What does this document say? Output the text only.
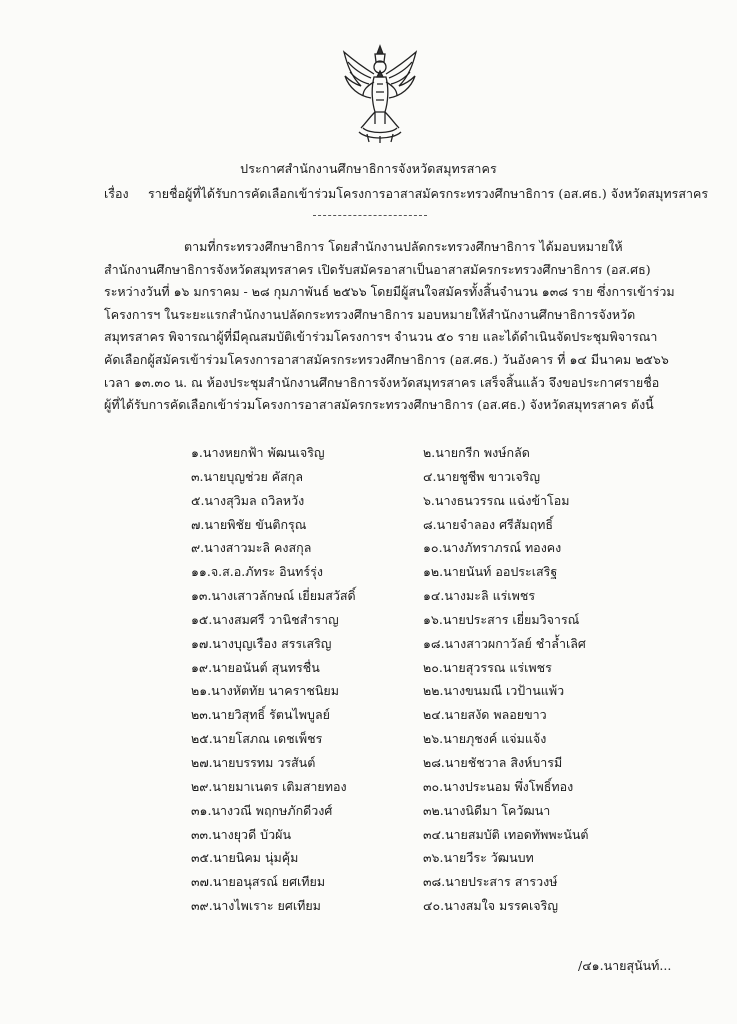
ประกาศสำนักงานศึกษาธิการจังหวัดสมุทรสาคร
เรื่อง รายชื่อผู้ที่ได้รับการคัดเลือกเข้าร่วมโครงการอาสาสมัครกระทรวงศึกษาธิการ (อส.ศธ.) จังหวัดสมุทรสาคร

ตามที่กระทรวงศึกษาธิการ โดยสำนักงานปลัดกระทรวงศึกษาธิการ ได้มอบหมายให้

สำนักงานศึกษาธิการจังหวัดสมุทรสาคร เปิดรับสมัครอาสาเป็นอาสาสมัครกระทรวงศึกษาธิการ (อส.ศธ)

ระหว่างวันที่ ๑๖ มกราคม - ๒๘ กุมภาพันธ์ ๒๕๖๖ โดยมีผู้สนใจสมัครทั้งสิ้นจำนวน ๑๓๘ ราย ซึ่งการเข้าร่วม

โครงการฯ ในระยะแรกสำนักงานปลัดกระทรวงศึกษาธิการ มอบหมายให้สำนักงานศึกษาธิการจังหวัด

สมุทรสาคร พิจารณาผู้ที่มีคุณสมบัติเข้าร่วมโครงการฯ จำนวน ๕๐ ราย และได้ดำเนินจัดประชุมพิจารณา

คัดเลือกผู้สมัครเข้าร่วมโครงการอาสาสมัครกระทรวงศึกษาธิการ (อส.ศธ.) วันอังคาร ที่ ๑๔ มีนาคม ๒๕๖๖

เวลา ๑๓.๓๐ น. ณ ห้องประชุมสำนักงานศึกษาธิการจังหวัดสมุทรสาคร เสร็จสิ้นแล้ว จึงขอประกาศรายชื่อ

ผู้ที่ได้รับการคัดเลือกเข้าร่วมโครงการอาสาสมัครกระทรวงศึกษาธิการ (อส.ศธ.) จังหวัดสมุทรสาคร ดังนี้

๑.นางหยกฟ้า พัฒนเจริญ	๒.นายกรีก พงษ์กลัด
๓.นายบุญช่วย คัสกุล	๔.นายชูชีพ ขาวเจริญ
๕.นางสุวิมล ถวิลหวัง	๖.นางธนวรรณ แฉ่งข้าโอม
๗.นายพิชัย ขันติกรุณ	๘.นายจำลอง ศรีสัมฤทธิ์
๙.นางสาวมะลิ คงสกุล	๑๐.นางภัทราภรณ์ ทองคง
๑๑.จ.ส.อ.ภัทระ อินทร์รุ่ง	๑๒.นายนันท์ ออประเสริฐ
๑๓.นางเสาวลักษณ์ เยี่ยมสวัสดิ์	๑๔.นางมะลิ แร่เพชร
๑๕.นางสมศรี วานิชสำราญ	๑๖.นายประสาร เยี่ยมวิจารณ์
๑๗.นางบุญเรือง สรรเสริญ	๑๘.นางสาวผกาวัลย์ ชำล้ำเลิศ
๑๙.นายอนันต์ สุนทรชื่น	๒๐.นายสุวรรณ แร่เพชร
๒๑.นางหัตทัย นาคราชนิยม	๒๒.นางขนมณี เวป้านแพ้ว
๒๓.นายวิสุทธิ์ รัตนไพบูลย์	๒๔.นายสงัด พลอยขาว
๒๕.นายโสภณ เดชเพ็ชร	๒๖.นายภุชงค์ แจ่มแจ้ง
๒๗.นายบรรทม วรสันต์	๒๘.นายชัชวาล สิงห์บารมี
๒๙.นายมาเนตร เติมสายทอง	๓๐.นางประนอม พึ่งโพธิ์ทอง
๓๑.นางวณี พฤกษภักดีวงศ์	๓๒.นางนิดีมา โควัฒนา
๓๓.นางยุวดี บัวผัน	๓๔.นายสมบัติ เทอดทัพพะนันต์
๓๕.นายนิคม นุ่มคุ้ม	๓๖.นายวีระ วัฒนบท
๓๗.นายอนุสรณ์ ยศเทียม	๓๘.นายประสาร สารวงษ์
๓๙.นางไพเราะ ยศเทียม	๔๐.นางสมใจ มรรคเจริญ
/๔๑.นายสุนันท์...
